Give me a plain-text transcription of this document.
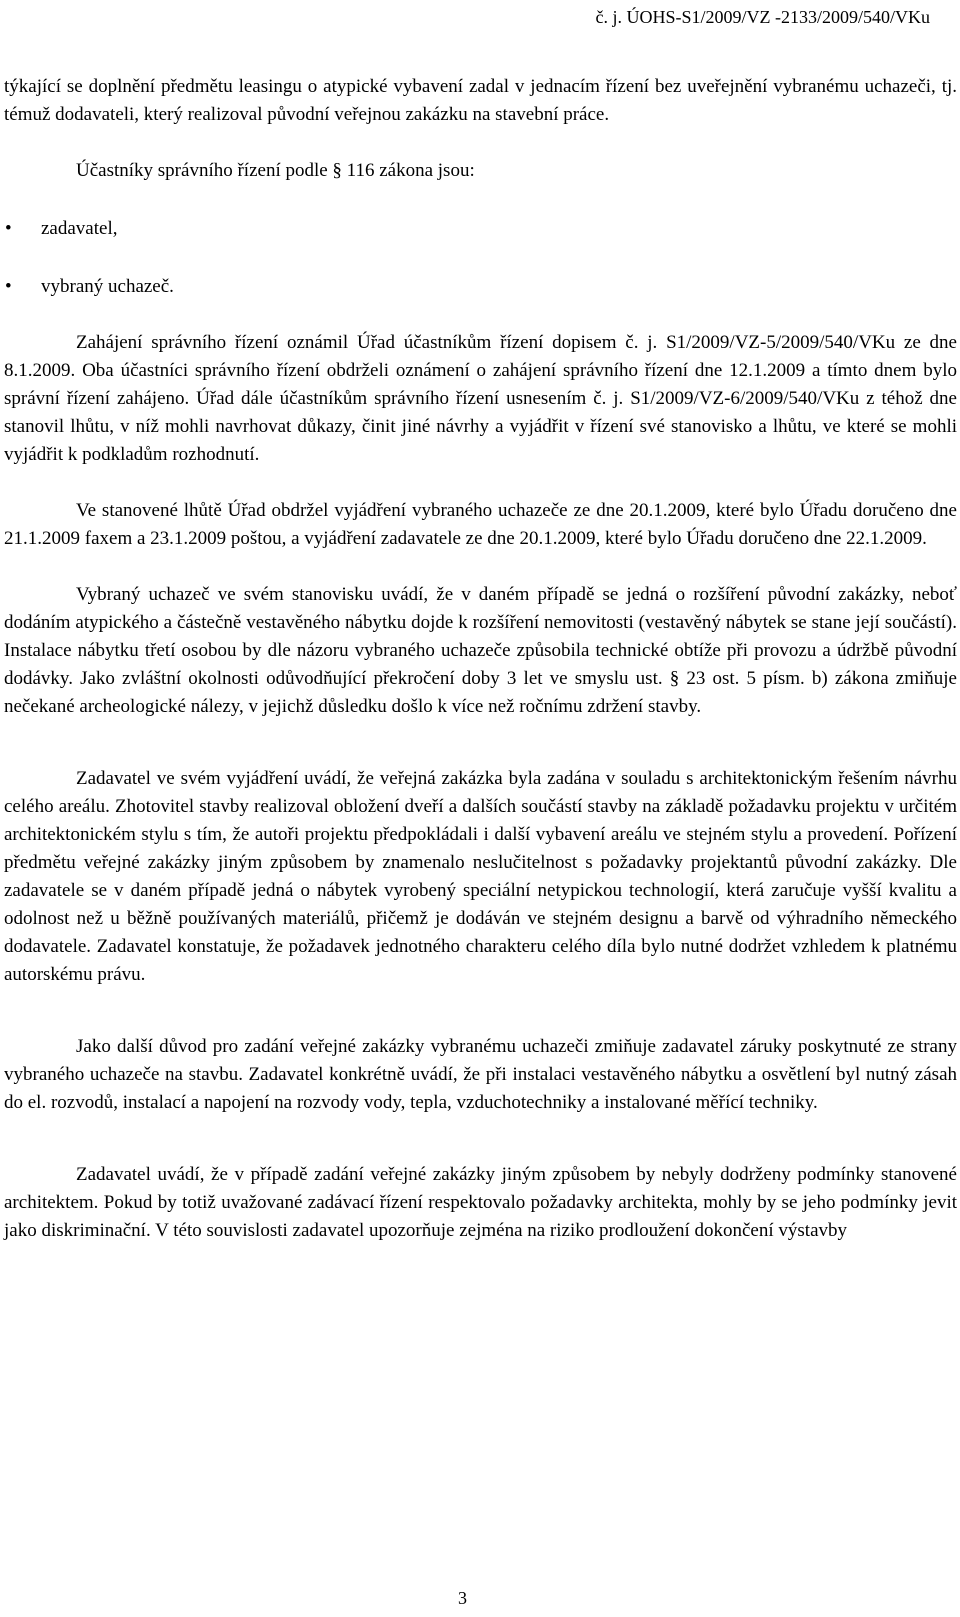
č. j. ÚOHS-S1/2009/VZ -2133/2009/540/VKu

týkající se doplnění předmětu leasingu o atypické vybavení zadal v jednacím řízení bez uveřejnění vybranému uchazeči, tj. témuž dodavateli, který realizoval původní veřejnou zakázku na stavební práce.

Účastníky správního řízení podle § 116 zákona jsou:

• zadavatel,
• vybraný uchazeč.

Zahájení správního řízení oznámil Úřad účastníkům řízení dopisem č. j. S1/2009/VZ-5/2009/540/VKu ze dne 8.1.2009. Oba účastníci správního řízení obdrželi oznámení o zahájení správního řízení dne 12.1.2009 a tímto dnem bylo správní řízení zahájeno. Úřad dále účastníkům správního řízení usnesením č. j. S1/2009/VZ-6/2009/540/VKu z téhož dne stanovil lhůtu, v níž mohli navrhovat důkazy, činit jiné návrhy a vyjádřit v řízení své stanovisko a lhůtu, ve které se mohli vyjádřit k podkladům rozhodnutí.

Ve stanovené lhůtě Úřad obdržel vyjádření vybraného uchazeče ze dne 20.1.2009, které bylo Úřadu doručeno dne 21.1.2009 faxem a 23.1.2009 poštou, a vyjádření zadavatele ze dne 20.1.2009, které bylo Úřadu doručeno dne 22.1.2009.

Vybraný uchazeč ve svém stanovisku uvádí, že v daném případě se jedná o rozšíření původní zakázky, neboť dodáním atypického a částečně vestavěného nábytku dojde k rozšíření nemovitosti (vestavěný nábytek se stane její součástí). Instalace nábytku třetí osobou by dle názoru vybraného uchazeče způsobila technické obtíže při provozu a údržbě původní dodávky. Jako zvláštní okolnosti odůvodňující překročení doby 3 let ve smyslu ust. § 23 ost. 5 písm. b) zákona zmiňuje nečekané archeologické nálezy, v jejichž důsledku došlo k více než ročnímu zdržení stavby.

Zadavatel ve svém vyjádření uvádí, že veřejná zakázka byla zadána v souladu s architektonickým řešením návrhu celého areálu. Zhotovitel stavby realizoval obložení dveří a dalších součástí stavby na základě požadavku projektu v určitém architektonickém stylu s tím, že autoři projektu předpokládali i další vybavení areálu ve stejném stylu a provedení. Pořízení předmětu veřejné zakázky jiným způsobem by znamenalo neslučitelnost s požadavky projektantů původní zakázky. Dle zadavatele se v daném případě jedná o nábytek vyrobený speciální netypickou technologií, která zaručuje vyšší kvalitu a odolnost než u běžně používaných materiálů, přičemž je dodáván ve stejném designu a barvě od výhradního německého dodavatele. Zadavatel konstatuje, že požadavek jednotného charakteru celého díla bylo nutné dodržet vzhledem k platnému autorskému právu.

Jako další důvod pro zadání veřejné zakázky vybranému uchazeči zmiňuje zadavatel záruky poskytnuté ze strany vybraného uchazeče na stavbu. Zadavatel konkrétně uvádí, že při instalaci vestavěného nábytku a osvětlení byl nutný zásah do el. rozvodů, instalací a napojení na rozvody vody, tepla, vzduchotechniky a instalované měřící techniky.

Zadavatel uvádí, že v případě zadání veřejné zakázky jiným způsobem by nebyly dodrženy podmínky stanovené architektem. Pokud by totiž uvažované zadávací řízení respektovalo požadavky architekta, mohly by se jeho podmínky jevit jako diskriminační. V této souvislosti zadavatel upozorňuje zejména na riziko prodloužení dokončení výstavby

3
